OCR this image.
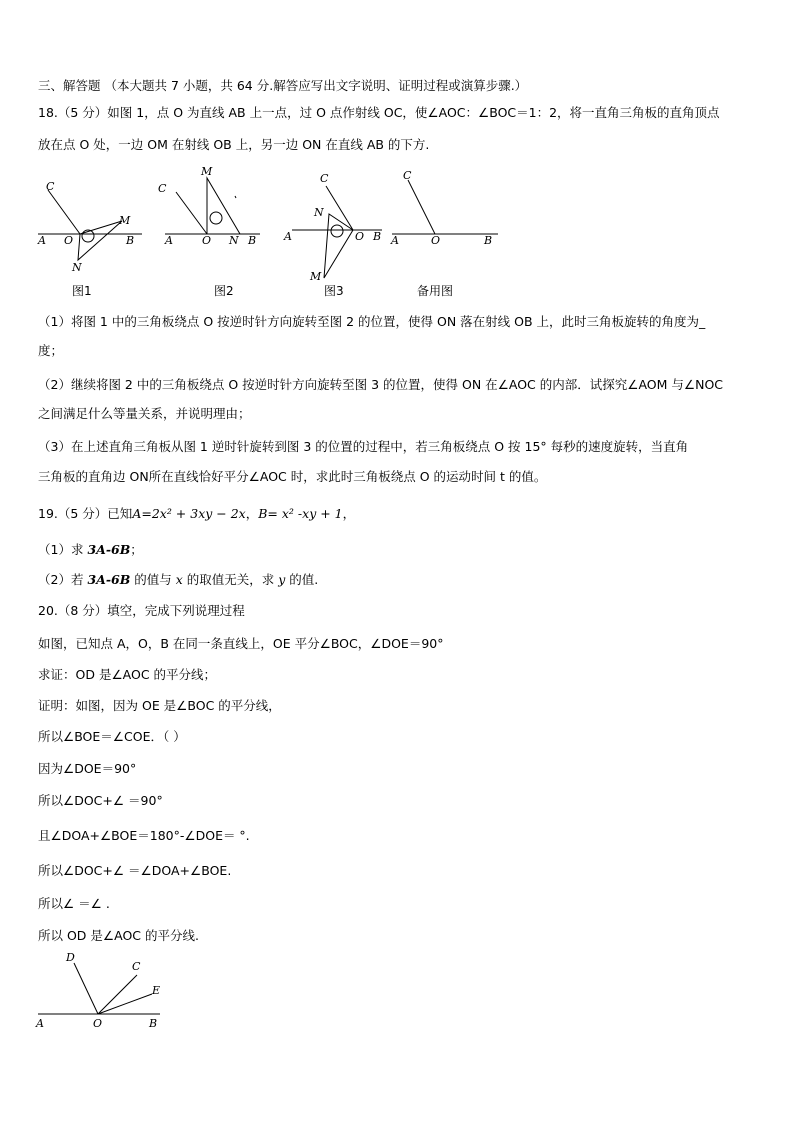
三、解答题 （本大题共 7 小题，共 64 分.解答应写出文字说明、证明过程或演算步骤.）
18.（5 分）如图 1，点 O 为直线 AB 上一点，过 O 点作射线 OC，使∠AOC：∠BOC＝1：2，将一直角三角板的直角顶点
放在点 O 处，一边 OM 在射线 OB 上，另一边 ON 在直线 AB 的下方.
C
A O	B
M
N
图1
C
M
A	O N B
图2
C
N
A	O B
M
图3
C
A	O	B
备用图
（1）将图 1 中的三角板绕点 O 按逆时针方向旋转至图 2 的位置，使得 ON 落在射线 OB 上，此时三角板旋转的角度为_
度；
（2）继续将图 2 中的三角板绕点 O 按逆时针方向旋转至图 3 的位置，使得 ON 在∠AOC 的内部．试探究∠AOM 与∠NOC
之间满足什么等量关系，并说明理由；
（3）在上述直角三角板从图 1 逆时针旋转到图 3 的位置的过程中，若三角板绕点 O 按 15° 每秒的速度旋转，当直角
三角板的直角边 ON所在直线恰好平分∠AOC 时，求此时三角板绕点 O 的运动时间 t 的值。
19.（5 分）已知A=2x² + 3xy − 2x，B= x² -xy + 1，
（1）求 3A-6B；
（2）若 3A-6B 的值与 x 的取值无关，求 y 的值.
20.（8 分）填空，完成下列说理过程
如图，已知点 A，O，B 在同一条直线上，OE 平分∠BOC，∠DOE＝90°
求证：OD 是∠AOC 的平分线；
证明：如图，因为 OE 是∠BOC 的平分线，
所以∠BOE＝∠COE．（ ）
因为∠DOE＝90°
所以∠DOC+∠ ＝90°
且∠DOA+∠BOE＝180°-∠DOE＝ °.
所以∠DOC+∠ ＝∠DOA+∠BOE.
所以∠ ＝∠ .
所以 OD 是∠AOC 的平分线.
D
C
E
A	O	B
